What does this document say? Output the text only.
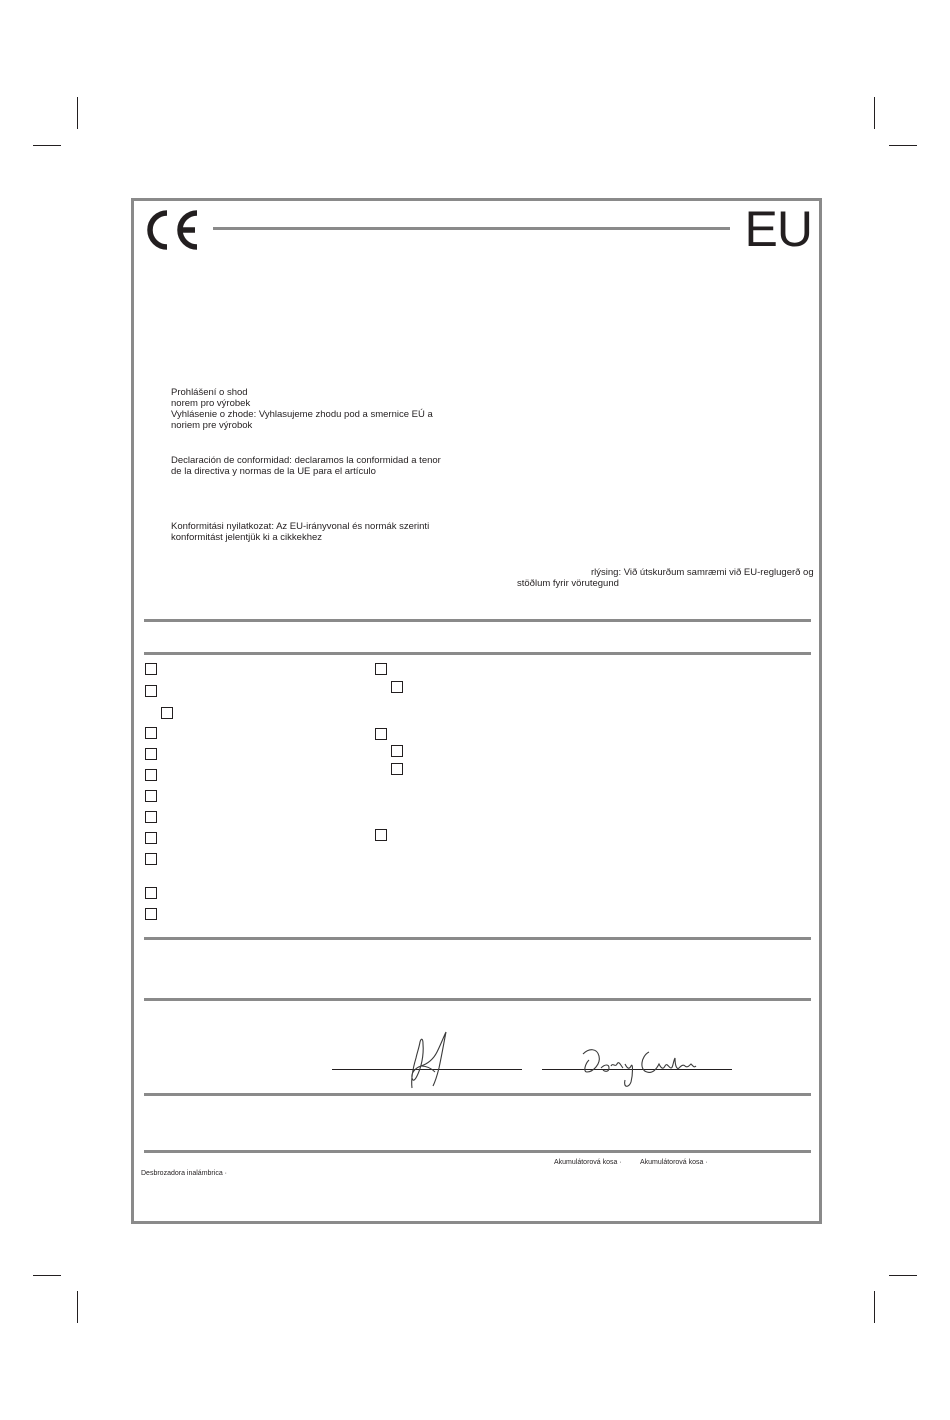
EU
Prohlášení o shod
norem pro výrobek
Vyhlásenie o zhode: Vyhlasujeme zhodu pod a smernice EÚ a
noriem pre výrobok
Declaración de conformidad: declaramos la conformidad a tenor
de la directiva y normas de la UE para el artículo
Konformitási nyilatkozat: Az EU-irányvonal és normák szerinti
konformitást jelentjük ki a cikkekhez
rlýsing: Við útskurðum samræmi við EU-reglugerð og
stöðlum fyrir vörutegund
Akumulátorová kosa ·	Akumulátorová kosa ·
Desbrozadora inalámbrica ·
